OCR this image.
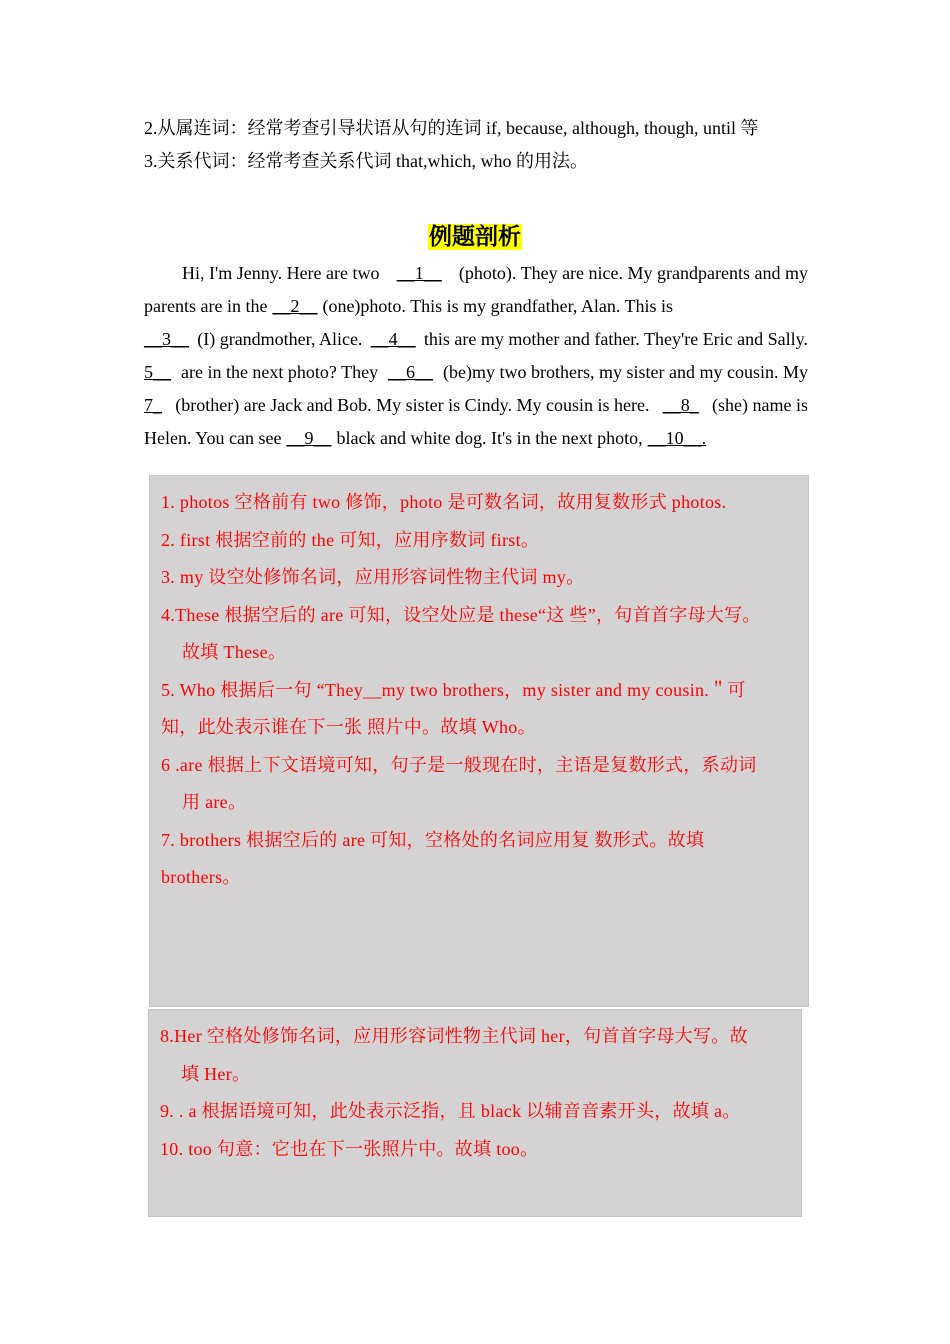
2.从属连词：经常考查引导状语从句的连词 if, because, although, though, until 等
3.关系代词：经常考查关系代词 that,which, who 的用法。
例题剖析
Hi, I'm Jenny. Here are two __1__ (photo). They are nice. My grandparents and my
parents are in the __2__ (one)photo. This is my grandfather, Alan. This is
__3__ (I) grandmother, Alice. __4__ this are my mother and father. They're Eric and Sally.
5__ are in the next photo? They __6__ (be)my two brothers, my sister and my cousin. My
7_ (brother) are Jack and Bob. My sister is Cindy. My cousin is here. __8_ (she) name is
Helen. You can see __9__ black and white dog. It's in the next photo, __10__.
1. photos 空格前有 two 修饰，photo 是可数名词，故用复数形式 photos.
2. first 根据空前的 the 可知，应用序数词 first。
3. my 设空处修饰名词，应用形容词性物主代词 my。
4.These 根据空后的 are 可知，设空处应是 these“这 些”，句首首字母大写。
故填 These。
5. Who 根据后一句 “They__my two brothers，my sister and my cousin.＂可
知，此处表示谁在下一张 照片中。故填 Who。
6 .are 根据上下文语境可知，句子是一般现在时，主语是复数形式，系动词
用 are。
7. brothers 根据空后的 are 可知，空格处的名词应用复 数形式。故填
brothers。
8.Her 空格处修饰名词，应用形容词性物主代词 her，句首首字母大写。故
填 Her。
9. . a 根据语境可知，此处表示泛指，且 black 以辅音音素开头，故填 a。
10. too 句意：它也在下一张照片中。故填 too。
